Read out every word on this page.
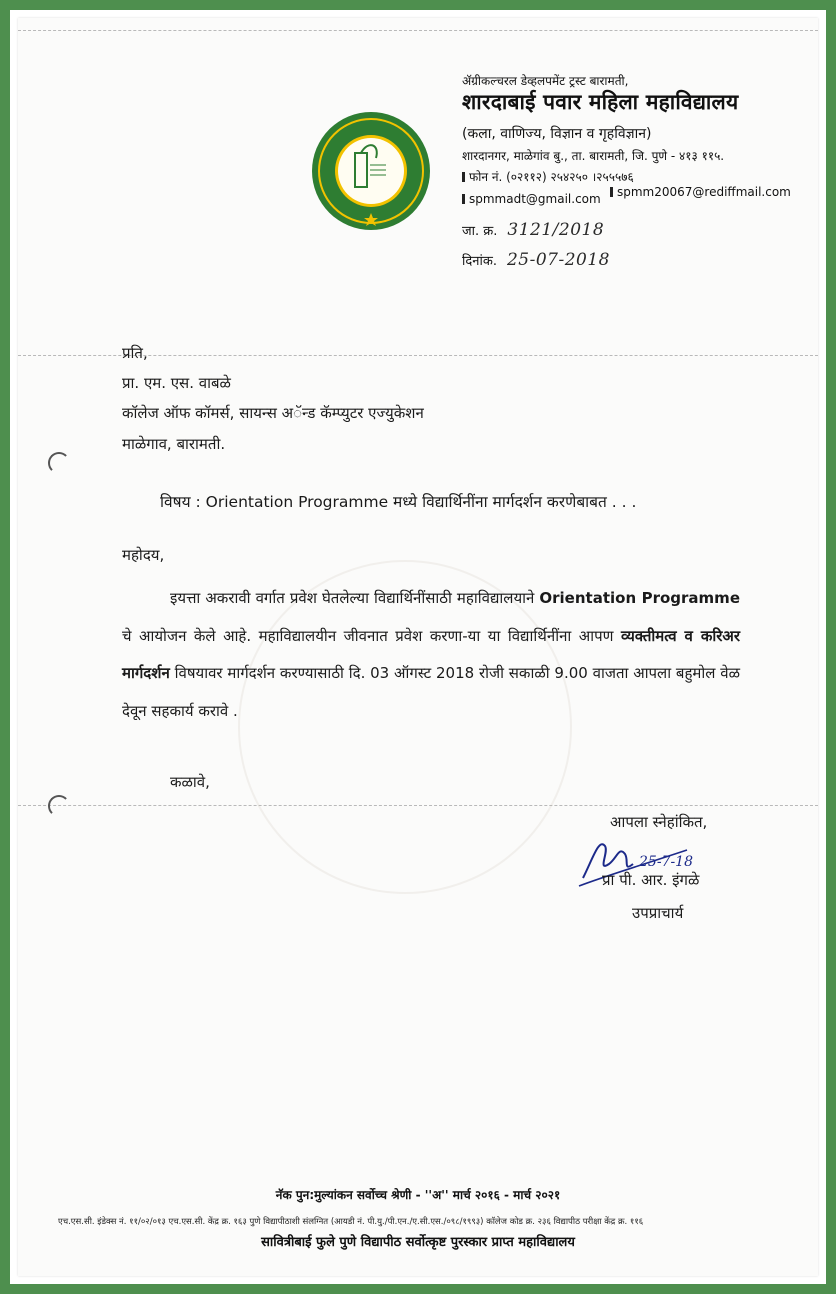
ॲग्रीकल्चरल डेव्हलपमेंट ट्रस्ट बारामती,
शारदाबाई पवार महिला महाविद्यालय
(कला, वाणिज्य, विज्ञान व गृहविज्ञान)
शारदानगर, माळेगांव बु., ता. बारामती, जि. पुणे - ४१३ ११५.
फोन नं. (०२११२) २५४२५० ।२५५५७६
spmmadt@gmail.com	spmm20067@rediffmail.com
जा. क्र. 3121/2018
दिनांक. 25-07-2018
प्रति,
प्रा. एम. एस. वाबळे
कॉलेज ऑफ कॉमर्स, सायन्स अॅन्ड कॅम्प्युटर एज्युकेशन
माळेगाव, बारामती.
विषय : Orientation Programme मध्ये विद्यार्थिनींना मार्गदर्शन करणेबाबत . . .
महोदय,

इयत्ता अकरावी वर्गात प्रवेश घेतलेल्या विद्यार्थिनींसाठी महाविद्यालयाने Orientation Programme चे आयोजन केले आहे. महाविद्यालयीन जीवनात प्रवेश करणा-या या विद्यार्थिनींना आपण व्यक्तीमत्व व करिअर मार्गदर्शन विषयावर मार्गदर्शन करण्यासाठी दि. 03 ऑगस्ट 2018 रोजी सकाळी 9.00 वाजता आपला बहुमोल वेळ देवून सहकार्य करावे .

कळावे,
आपला स्नेहांकित,
25-7-18
प्रा पी. आर. इंगळे
उपप्राचार्य
नॅक पुन:मुल्यांकन सर्वोच्च श्रेणी - ''अ'' मार्च २०१६ - मार्च २०२१
एच.एस.सी. इंडेक्स नं. ११/०२/०१३ एच.एस.सी. केंद्र क्र. १६३ पुणे विद्यापीठाशी संलग्नित (आयडी नं. पी.यु./पी.एन./ए.सी.एस./०९८/१९९३) कॉलेज कोड क्र. २३६ विद्यापीठ परीक्षा केंद्र क्र. ११६
सावित्रीबाई फुले पुणे विद्यापीठ सर्वोत्कृष्ट पुरस्कार प्राप्त महाविद्यालय
